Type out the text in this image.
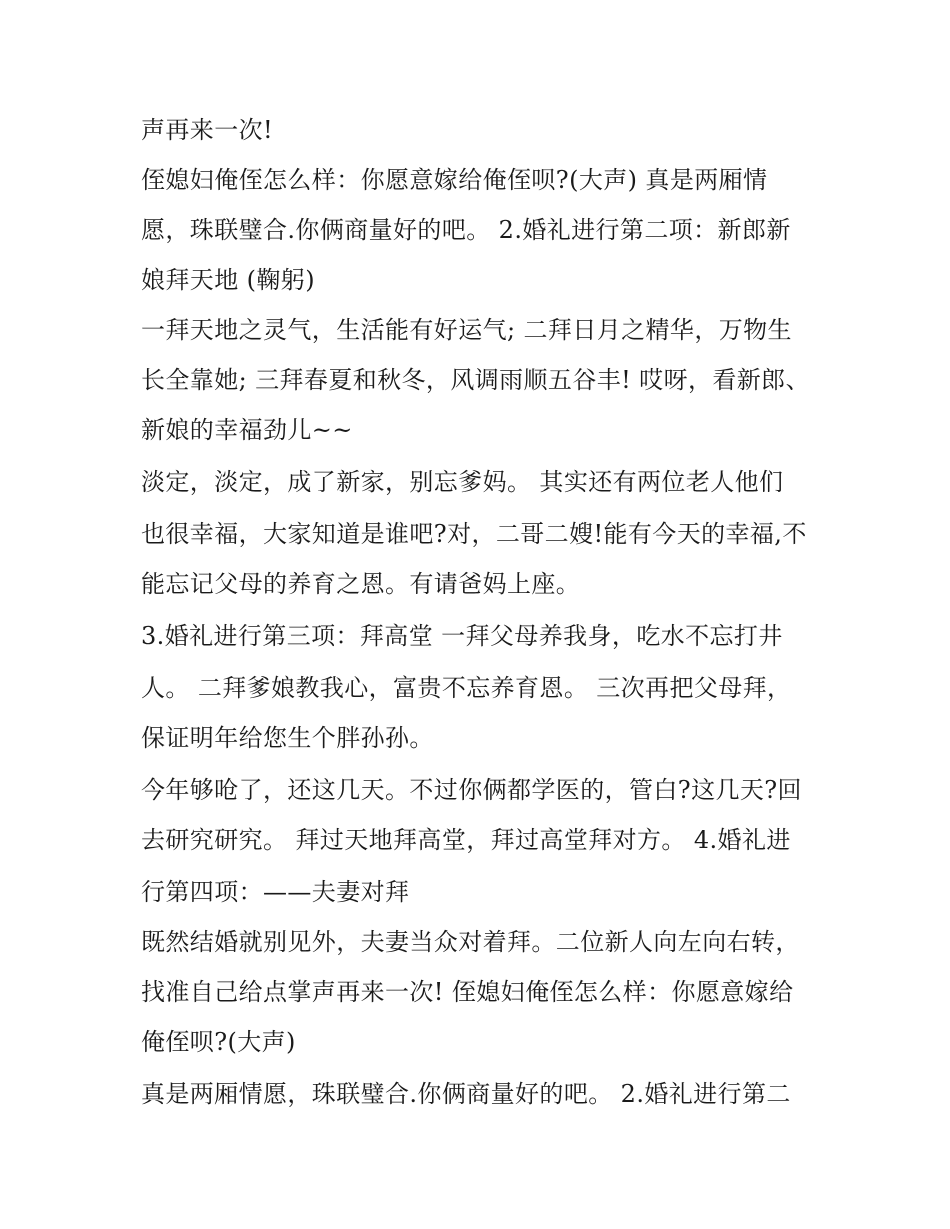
声再来一次!
侄媳妇俺侄怎么样：你愿意嫁给俺侄呗?(大声) 真是两厢情
愿，珠联璧合.你俩商量好的吧。 2.婚礼进行第二项：新郎新
娘拜天地 (鞠躬)
一拜天地之灵气，生活能有好运气; 二拜日月之精华，万物生
长全靠她; 三拜春夏和秋冬，风调雨顺五谷丰! 哎呀，看新郎、
新娘的幸福劲儿~~
淡定，淡定，成了新家，别忘爹妈。 其实还有两位老人他们
也很幸福，大家知道是谁吧?对，二哥二嫂!能有今天的幸福,不
能忘记父母的养育之恩。有请爸妈上座。
3.婚礼进行第三项：拜高堂 一拜父母养我身，吃水不忘打井
人。 二拜爹娘教我心，富贵不忘养育恩。 三次再把父母拜，
保证明年给您生个胖孙孙。
今年够呛了，还这几天。不过你俩都学医的，管白?这几天?回
去研究研究。 拜过天地拜高堂，拜过高堂拜对方。 4.婚礼进
行第四项：——夫妻对拜
既然结婚就别见外，夫妻当众对着拜。二位新人向左向右转，
找准自己给点掌声再来一次! 侄媳妇俺侄怎么样：你愿意嫁给
俺侄呗?(大声)
真是两厢情愿，珠联璧合.你俩商量好的吧。 2.婚礼进行第二
